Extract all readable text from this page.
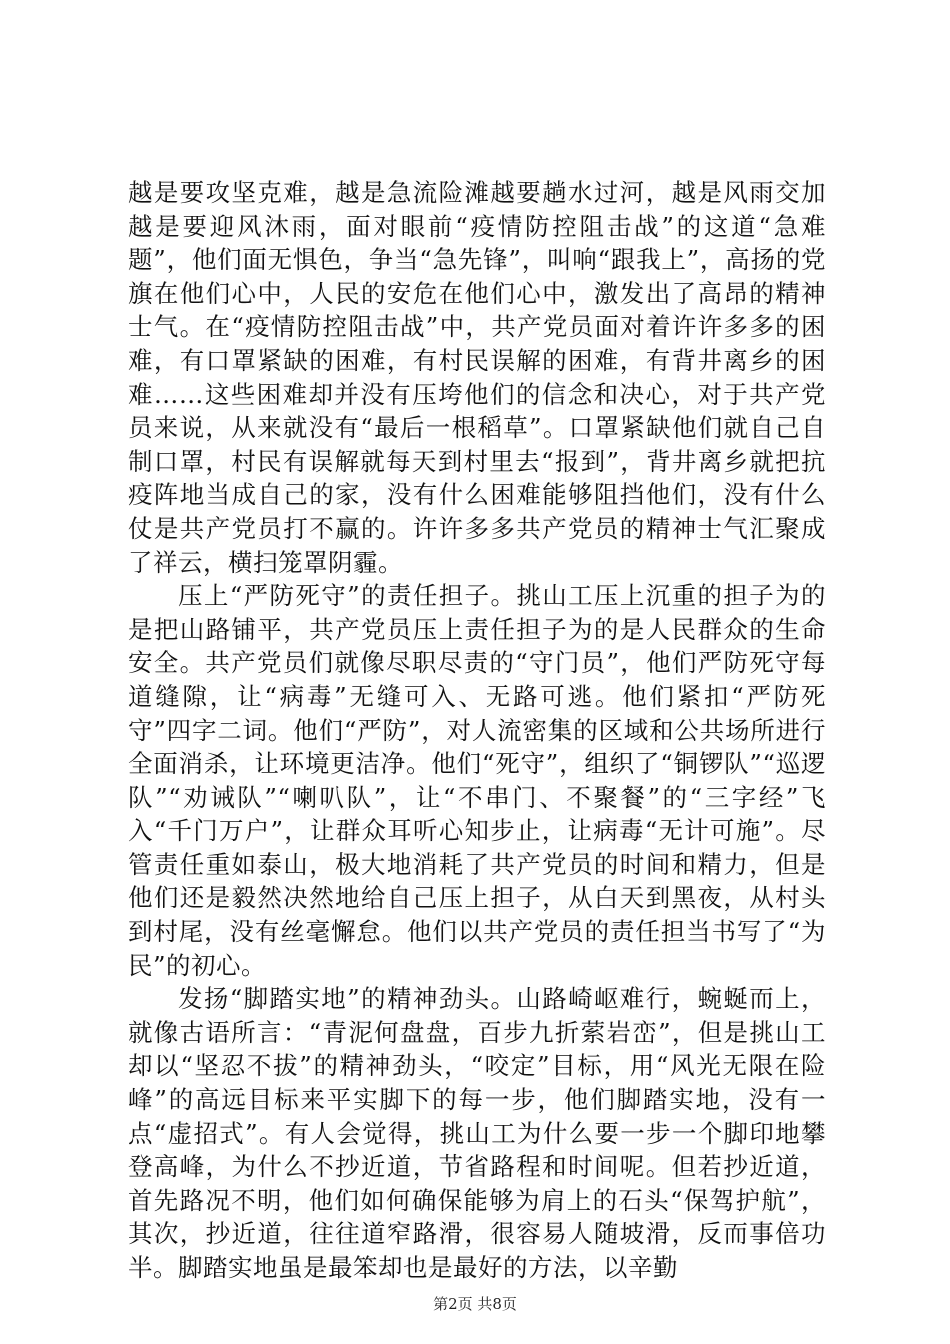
越是要攻坚克难，越是急流险滩越要趟水过河，越是风雨交加越是要迎风沐雨，面对眼前“疫情防控阻击战”的这道“急难题”，他们面无惧色，争当“急先锋”，叫响“跟我上”，高扬的党旗在他们心中，人民的安危在他们心中，激发出了高昂的精神士气。在“疫情防控阻击战”中，共产党员面对着许许多多的困难，有口罩紧缺的困难，有村民误解的困难，有背井离乡的困难……这些困难却并没有压垮他们的信念和决心，对于共产党员来说，从来就没有“最后一根稻草”。口罩紧缺他们就自己自制口罩，村民有误解就每天到村里去“报到”，背井离乡就把抗疫阵地当成自己的家，没有什么困难能够阻挡他们，没有什么仗是共产党员打不赢的。许许多多共产党员的精神士气汇聚成了祥云，横扫笼罩阴霾。

压上“严防死守”的责任担子。挑山工压上沉重的担子为的是把山路铺平，共产党员压上责任担子为的是人民群众的生命安全。共产党员们就像尽职尽责的“守门员”，他们严防死守每道缝隙，让“病毒”无缝可入、无路可逃。他们紧扣“严防死守”四字二词。他们“严防”，对人流密集的区域和公共场所进行全面消杀，让环境更洁净。他们“死守”，组织了“铜锣队”“巡逻队”“劝诫队”“喇叭队”，让“不串门、不聚餐”的“三字经”飞入“千门万户”，让群众耳听心知步止，让病毒“无计可施”。尽管责任重如泰山，极大地消耗了共产党员的时间和精力，但是他们还是毅然决然地给自己压上担子，从白天到黑夜，从村头到村尾，没有丝毫懈怠。他们以共产党员的责任担当书写了“为民”的初心。

发扬“脚踏实地”的精神劲头。山路崎岖难行，蜿蜒而上，就像古语所言：“青泥何盘盘，百步九折萦岩峦”，但是挑山工却以“坚忍不拔”的精神劲头，“咬定”目标，用“风光无限在险峰”的高远目标来平实脚下的每一步，他们脚踏实地，没有一点“虚招式”。有人会觉得，挑山工为什么要一步一个脚印地攀登高峰，为什么不抄近道，节省路程和时间呢。但若抄近道，首先路况不明，他们如何确保能够为肩上的石头“保驾护航”，其次，抄近道，往往道窄路滑，很容易人随坡滑，反而事倍功半。脚踏实地虽是最笨却也是最好的方法，以辛勤

第2页 共8页
